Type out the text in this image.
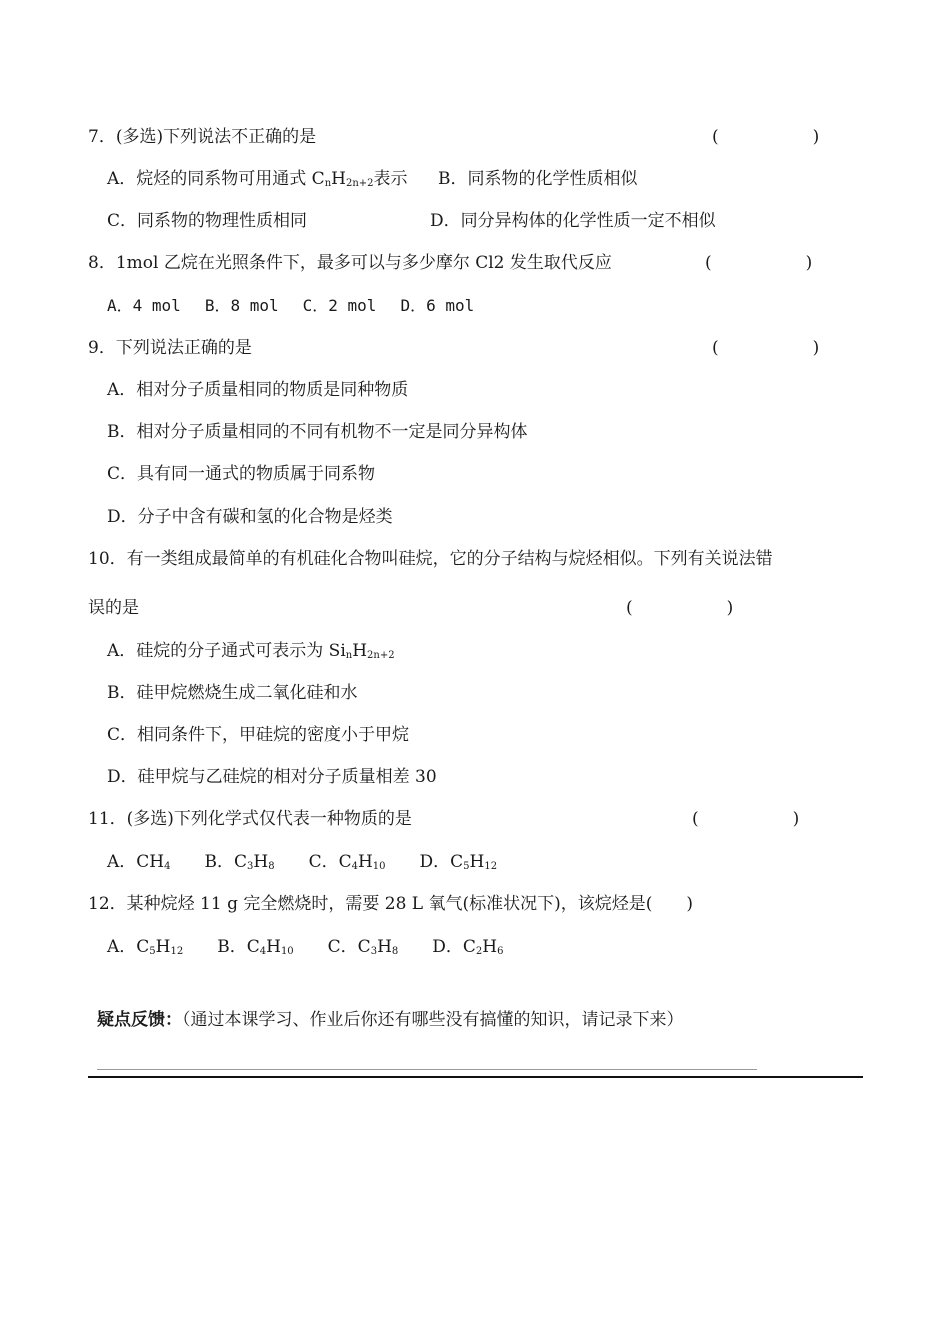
7．(多选)下列说法不正确的是	(　　)
A．烷烃的同系物可用通式 $C_nH_{2n+2}$表示 B．同系物的化学性质相似
C．同系物的物理性质相同	D．同分异构体的化学性质一定不相似
8．1mol 乙烷在光照条件下，最多可以与多少摩尔 Cl2 发生取代反应	(　　)
A．4 mol B．8 mol C．2 mol D．6 mol
9．下列说法正确的是	(　　)
A．相对分子质量相同的物质是同种物质
B．相对分子质量相同的不同有机物不一定是同分异构体
C．具有同一通式的物质属于同系物
D．分子中含有碳和氢的化合物是烃类
10．有一类组成最简单的有机硅化合物叫硅烷，它的分子结构与烷烃相似。下列有关说法错
误的是	(　　)
A．硅烷的分子通式可表示为 $Si_nH_{2n+2}$
B．硅甲烷燃烧生成二氧化硅和水
C．相同条件下，甲硅烷的密度小于甲烷
D．硅甲烷与乙硅烷的相对分子质量相差 30
11．(多选)下列化学式仅代表一种物质的是	(　　)
A．$CH_4$ B．$C_3H_8$ C．$C_4H_{10}$ D．$C_5H_{12}$
12．某种烷烃 11 g 完全燃烧时，需要 28 L 氧气(标准状况下)，该烷烃是(　　)
A．$C_5H_{12}$ B．$C_4H_{10}$ C．$C_3H_8$ D．$C_2H_6$
疑点反馈：（通过本课学习、作业后你还有哪些没有搞懂的知识，请记录下来）
